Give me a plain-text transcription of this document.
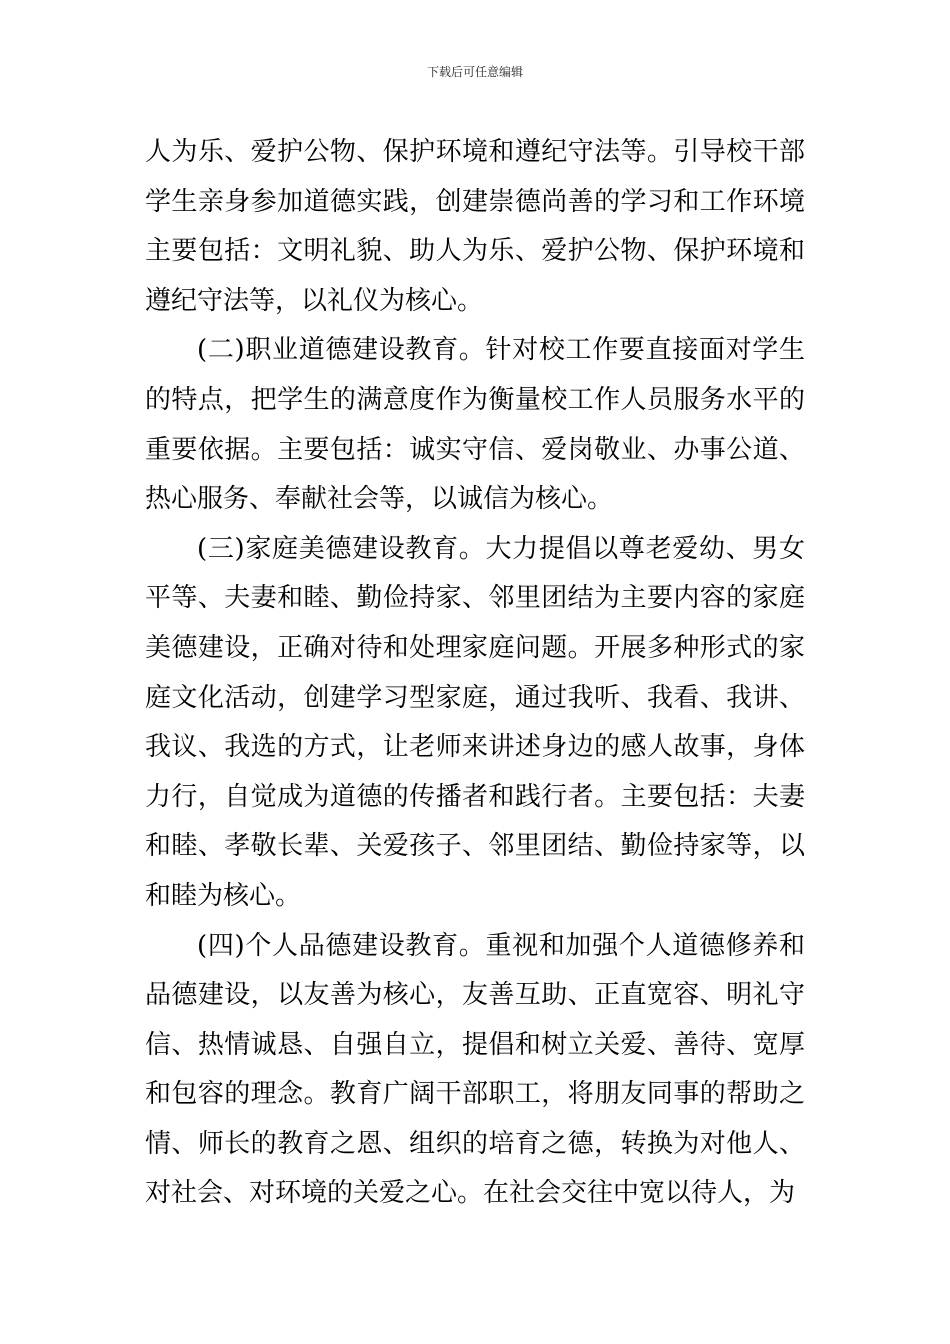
下载后可任意编辑

人为乐、爱护公物、保护环境和遵纪守法等。引导校干部学生亲身参加道德实践，创建崇德尚善的学习和工作环境主要包括：文明礼貌、助人为乐、爱护公物、保护环境和遵纪守法等，以礼仪为核心。

(二)职业道德建设教育。针对校工作要直接面对学生的特点，把学生的满意度作为衡量校工作人员服务水平的重要依据。主要包括：诚实守信、爱岗敬业、办事公道、热心服务、奉献社会等，以诚信为核心。

(三)家庭美德建设教育。大力提倡以尊老爱幼、男女平等、夫妻和睦、勤俭持家、邻里团结为主要内容的家庭美德建设，正确对待和处理家庭问题。开展多种形式的家庭文化活动，创建学习型家庭，通过我听、我看、我讲、我议、我选的方式，让老师来讲述身边的感人故事，身体力行，自觉成为道德的传播者和践行者。主要包括：夫妻和睦、孝敬长辈、关爱孩子、邻里团结、勤俭持家等，以和睦为核心。

(四)个人品德建设教育。重视和加强个人道德修养和品德建设，以友善为核心，友善互助、正直宽容、明礼守信、热情诚恳、自强自立，提倡和树立关爱、善待、宽厚和包容的理念。教育广阔干部职工，将朋友同事的帮助之情、师长的教育之恩、组织的培育之德，转换为对他人、对社会、对环境的关爱之心。在社会交往中宽以待人，为
